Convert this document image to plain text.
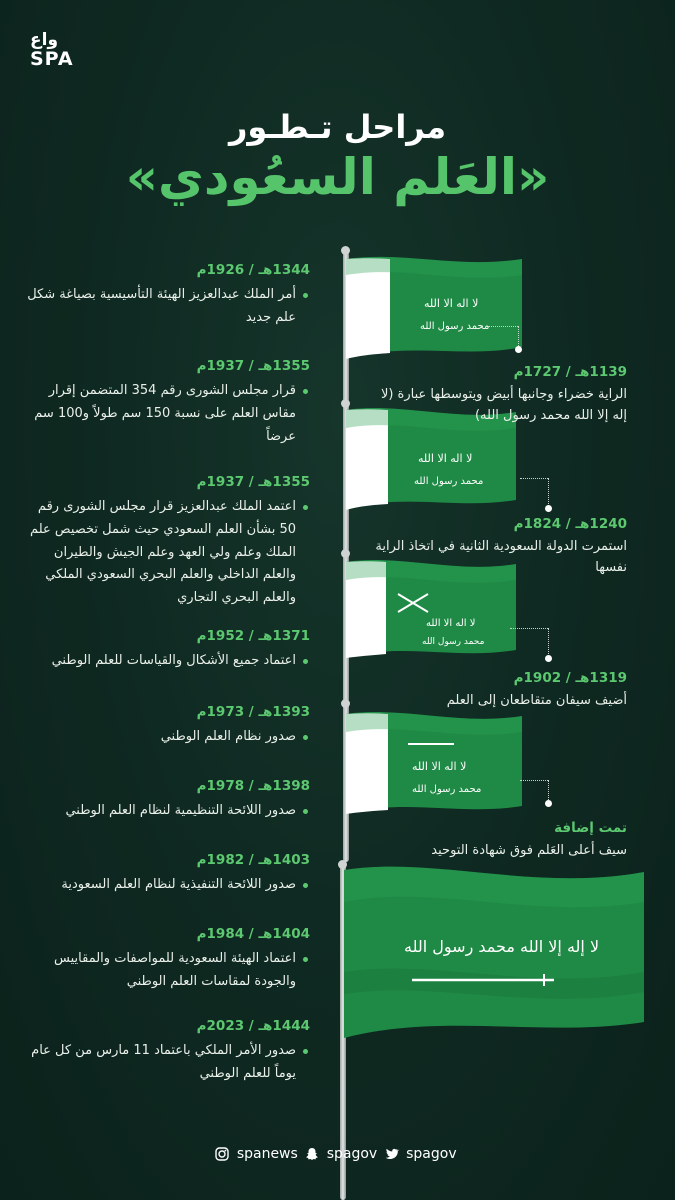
واع
SPA
مراحل تـطـور
«العَلم السعُودي»
1344هـ / 1926م
أمر الملك عبدالعزيز الهيئة التأسيسية بصياغة شكل علم جديد
1355هـ / 1937م
قرار مجلس الشورى رقم 354 المتضمن إقرار مقاس العلم على نسبة 150 سم طولاً و100 سم عرضاً
1355هـ / 1937م
اعتمد الملك عبدالعزيز قرار مجلس الشورى رقم 50 بشأن العلم السعودي حيث شمل تخصيص علم الملك وعلم ولي العهد وعلم الجيش والطيران والعلم الداخلي والعلم البحري السعودي الملكي والعلم البحري التجاري
1371هـ / 1952م
اعتماد جميع الأشكال والقياسات للعلم الوطني
1393هـ / 1973م
صدور نظام العلم الوطني
1398هـ / 1978م
صدور اللائحة التنظيمية لنظام العلم الوطني
1403هـ / 1982م
صدور اللائحة التنفيذية لنظام العلم السعودية
1404هـ / 1984م
اعتماد الهيئة السعودية للمواصفات والمقاييس والجودة لمقاسات العلم الوطني
1444هـ / 2023م
صدور الأمر الملكي باعتماد 11 مارس من كل عام يوماً للعلم الوطني
لا اله الا الله
محمد رسول الله
لا اله الا الله
محمد رسول الله
لا اله الا الله
محمد رسول الله
لا اله الا الله
محمد رسول الله
لا إله إلا الله محمد رسول الله
1139هـ / 1727م
الراية خضراء وجانبها أبيض ويتوسطها عبارة (لا إله إلا الله محمد رسول الله)
1240هـ / 1824م
استمرت الدولة السعودية الثانية في اتخاذ الراية نفسها
1319هـ / 1902م
أضيف سيفان متقاطعان إلى العلم
تمت إضافة
سيف أعلى العَلم فوق شهادة التوحيد
spanews spagov spagov
